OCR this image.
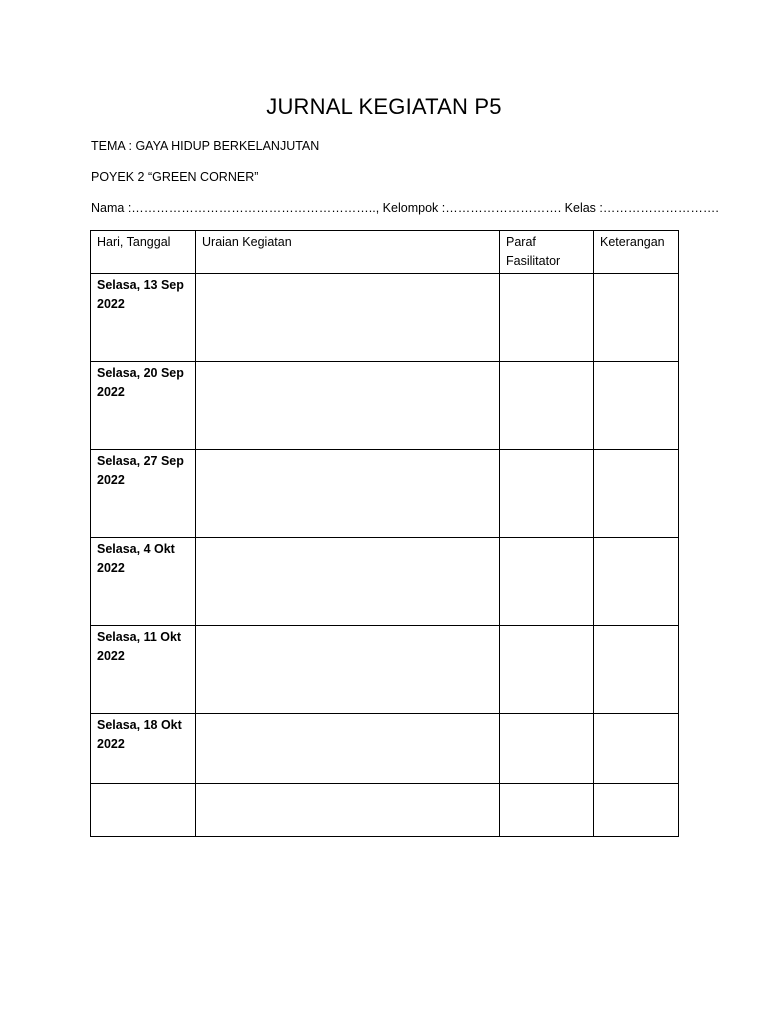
JURNAL KEGIATAN P5
TEMA : GAYA HIDUP BERKELANJUTAN
POYEK 2 “GREEN CORNER”
Nama :………………………………………………….., Kelompok :………………………. Kelas :……………………….
Hari, Tanggal	Uraian Kegiatan	Paraf Fasilitator	Keterangan
Selasa, 13 Sep 2022			
Selasa, 20 Sep 2022			
Selasa, 27 Sep 2022			
Selasa, 4 Okt 2022			
Selasa, 11 Okt 2022			
Selasa, 18 Okt 2022			
